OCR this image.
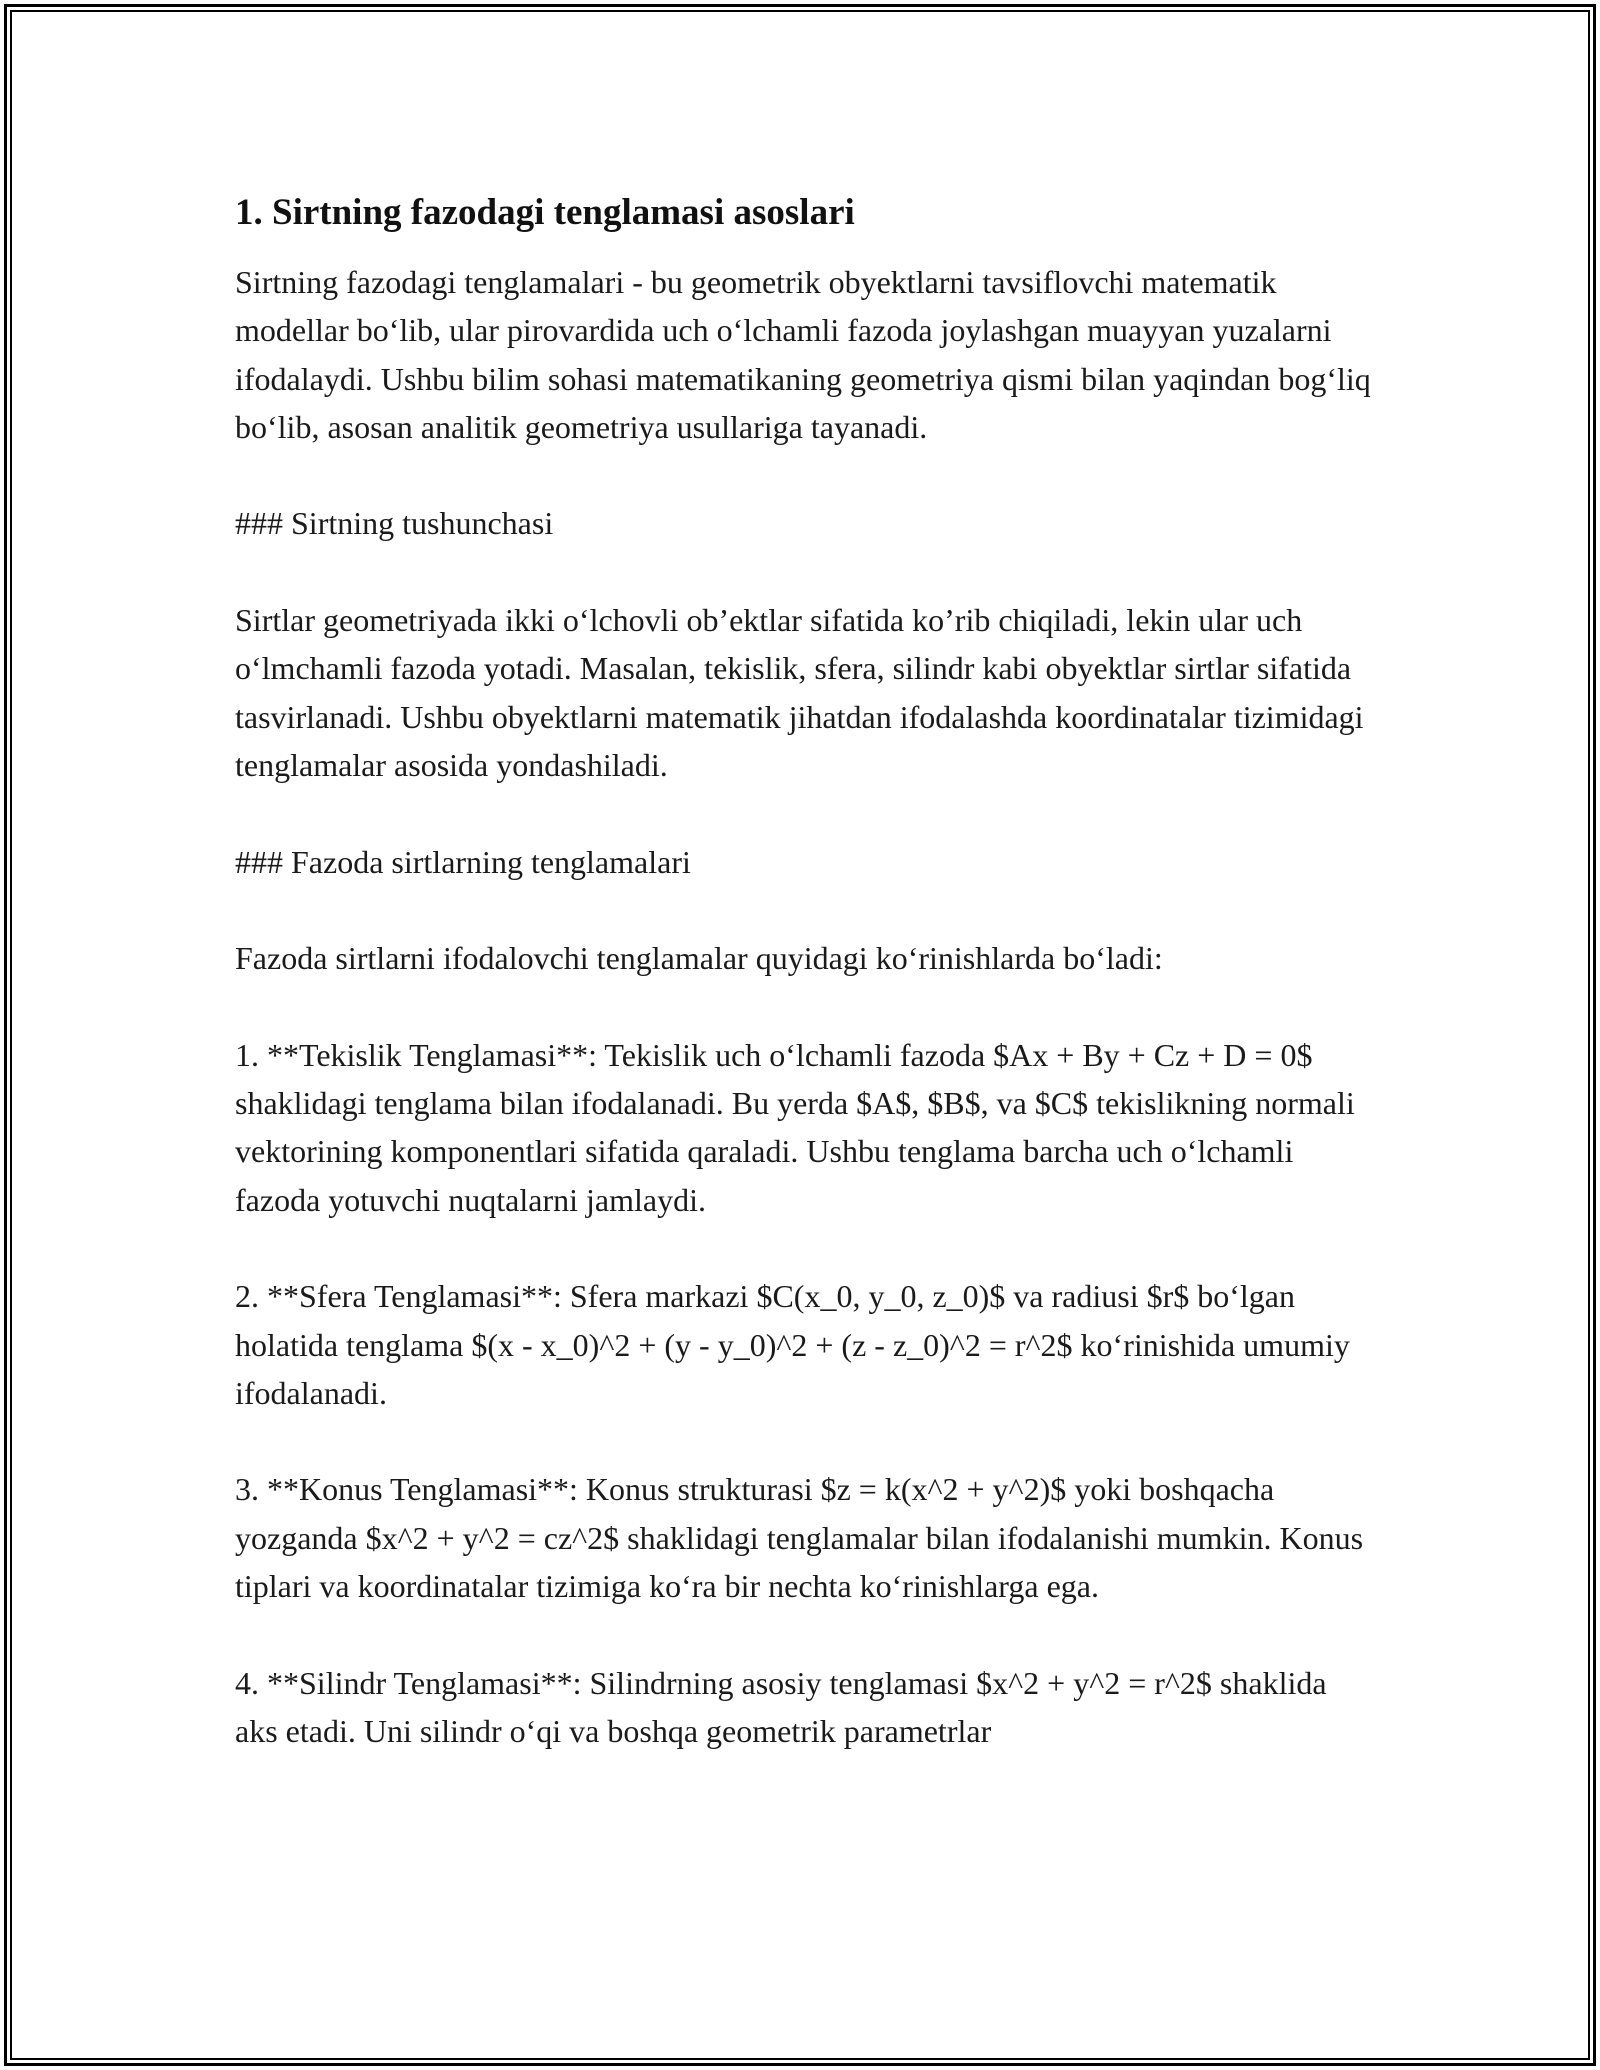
1. Sirtning fazodagi tenglamasi asoslari

Sirtning fazodagi tenglamalari - bu geometrik obyektlarni tavsiflovchi matematik modellar bo‘lib, ular pirovardida uch o‘lchamli fazoda joylashgan muayyan yuzalarni ifodalaydi. Ushbu bilim sohasi matematikaning geometriya qismi bilan yaqindan bog‘liq bo‘lib, asosan analitik geometriya usullariga tayanadi.

### Sirtning tushunchasi

Sirtlar geometriyada ikki o‘lchovli ob’ektlar sifatida ko’rib chiqiladi, lekin ular uch o‘lmchamli fazoda yotadi. Masalan, tekislik, sfera, silindr kabi obyektlar sirtlar sifatida tasvirlanadi. Ushbu obyektlarni matematik jihatdan ifodalashda koordinatalar tizimidagi tenglamalar asosida yondashiladi.

### Fazoda sirtlarning tenglamalari

Fazoda sirtlarni ifodalovchi tenglamalar quyidagi ko‘rinishlarda bo‘ladi:

1. **Tekislik Tenglamasi**: Tekislik uch o‘lchamli fazoda $Ax + By + Cz + D = 0$ shaklidagi tenglama bilan ifodalanadi. Bu yerda $A$, $B$, va $C$ tekislikning normali vektorining komponentlari sifatida qaraladi. Ushbu tenglama barcha uch o‘lchamli fazoda yotuvchi nuqtalarni jamlaydi.

2. **Sfera Tenglamasi**: Sfera markazi $C(x_0, y_0, z_0)$ va radiusi $r$ bo‘lgan holatida tenglama $(x - x_0)^2 + (y - y_0)^2 + (z - z_0)^2 = r^2$ ko‘rinishida umumiy ifodalanadi.

3. **Konus Tenglamasi**: Konus strukturasi $z = k(x^2 + y^2)$ yoki boshqacha yozganda $x^2 + y^2 = cz^2$ shaklidagi tenglamalar bilan ifodalanishi mumkin. Konus tiplari va koordinatalar tizimiga ko‘ra bir nechta ko‘rinishlarga ega.

4. **Silindr Tenglamasi**: Silindrning asosiy tenglamasi $x^2 + y^2 = r^2$ shaklida aks etadi. Uni silindr o‘qi va boshqa geometrik parametrlar
